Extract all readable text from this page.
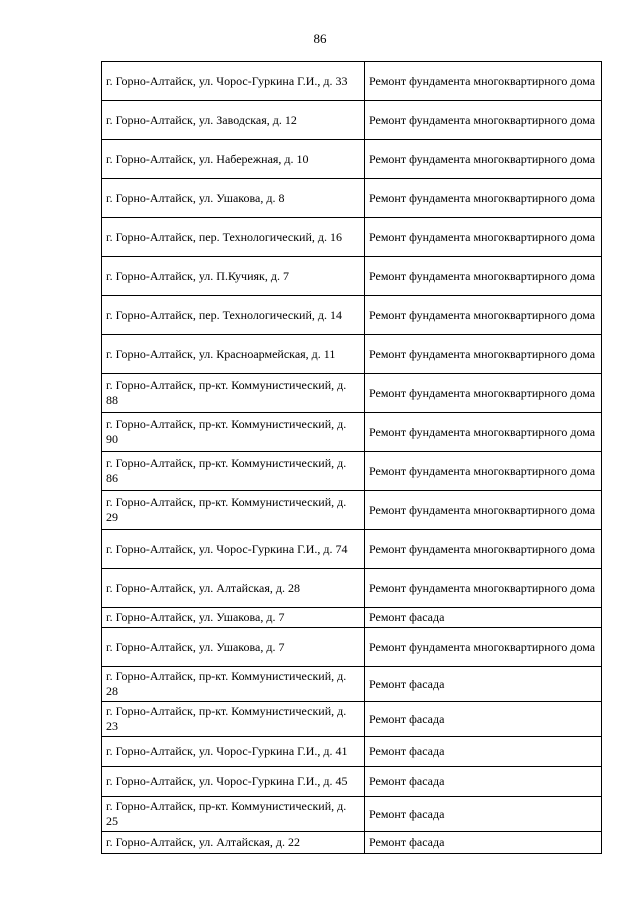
86
г. Горно-Алтайск, ул. Чорос-Гуркина Г.И., д. 33	Ремонт фундамента многоквартирного дома
г. Горно-Алтайск, ул. Заводская, д. 12	Ремонт фундамента многоквартирного дома
г. Горно-Алтайск, ул. Набережная, д. 10	Ремонт фундамента многоквартирного дома
г. Горно-Алтайск, ул. Ушакова, д. 8	Ремонт фундамента многоквартирного дома
г. Горно-Алтайск, пер. Технологический, д. 16	Ремонт фундамента многоквартирного дома
г. Горно-Алтайск, ул. П.Кучияк, д. 7	Ремонт фундамента многоквартирного дома
г. Горно-Алтайск, пер. Технологический, д. 14	Ремонт фундамента многоквартирного дома
г. Горно-Алтайск, ул. Красноармейская, д. 11	Ремонт фундамента многоквартирного дома
г. Горно-Алтайск, пр-кт. Коммунистический, д. 88	Ремонт фундамента многоквартирного дома
г. Горно-Алтайск, пр-кт. Коммунистический, д. 90	Ремонт фундамента многоквартирного дома
г. Горно-Алтайск, пр-кт. Коммунистический, д. 86	Ремонт фундамента многоквартирного дома
г. Горно-Алтайск, пр-кт. Коммунистический, д. 29	Ремонт фундамента многоквартирного дома
г. Горно-Алтайск, ул. Чорос-Гуркина Г.И., д. 74	Ремонт фундамента многоквартирного дома
г. Горно-Алтайск, ул. Алтайская, д. 28	Ремонт фундамента многоквартирного дома
г. Горно-Алтайск, ул. Ушакова, д. 7	Ремонт фасада
г. Горно-Алтайск, ул. Ушакова, д. 7	Ремонт фундамента многоквартирного дома
г. Горно-Алтайск, пр-кт. Коммунистический, д. 28	Ремонт фасада
г. Горно-Алтайск, пр-кт. Коммунистический, д. 23	Ремонт фасада
г. Горно-Алтайск, ул. Чорос-Гуркина Г.И., д. 41	Ремонт фасада
г. Горно-Алтайск, ул. Чорос-Гуркина Г.И., д. 45	Ремонт фасада
г. Горно-Алтайск, пр-кт. Коммунистический, д. 25	Ремонт фасада
г. Горно-Алтайск, ул. Алтайская, д. 22	Ремонт фасада
